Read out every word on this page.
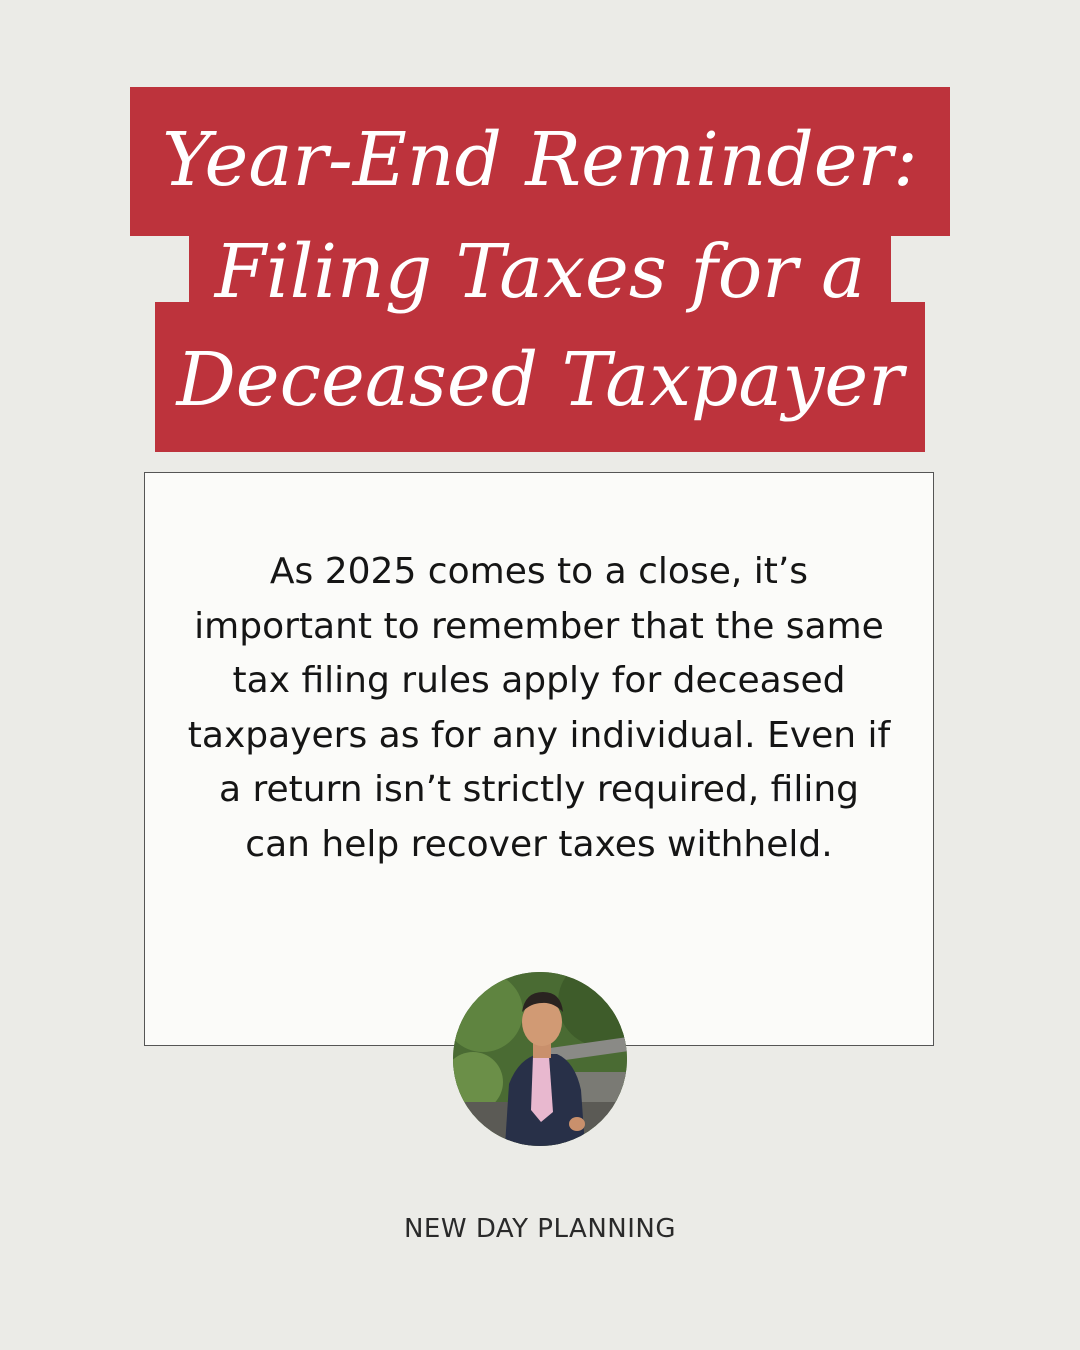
Year-End Reminder:
Filing Taxes for a
Deceased Taxpayer

As 2025 comes to a close, it’s important to remember that the same tax filing rules apply for deceased taxpayers as for any individual. Even if a return isn’t strictly required, filing can help recover taxes withheld.

NEW DAY PLANNING
